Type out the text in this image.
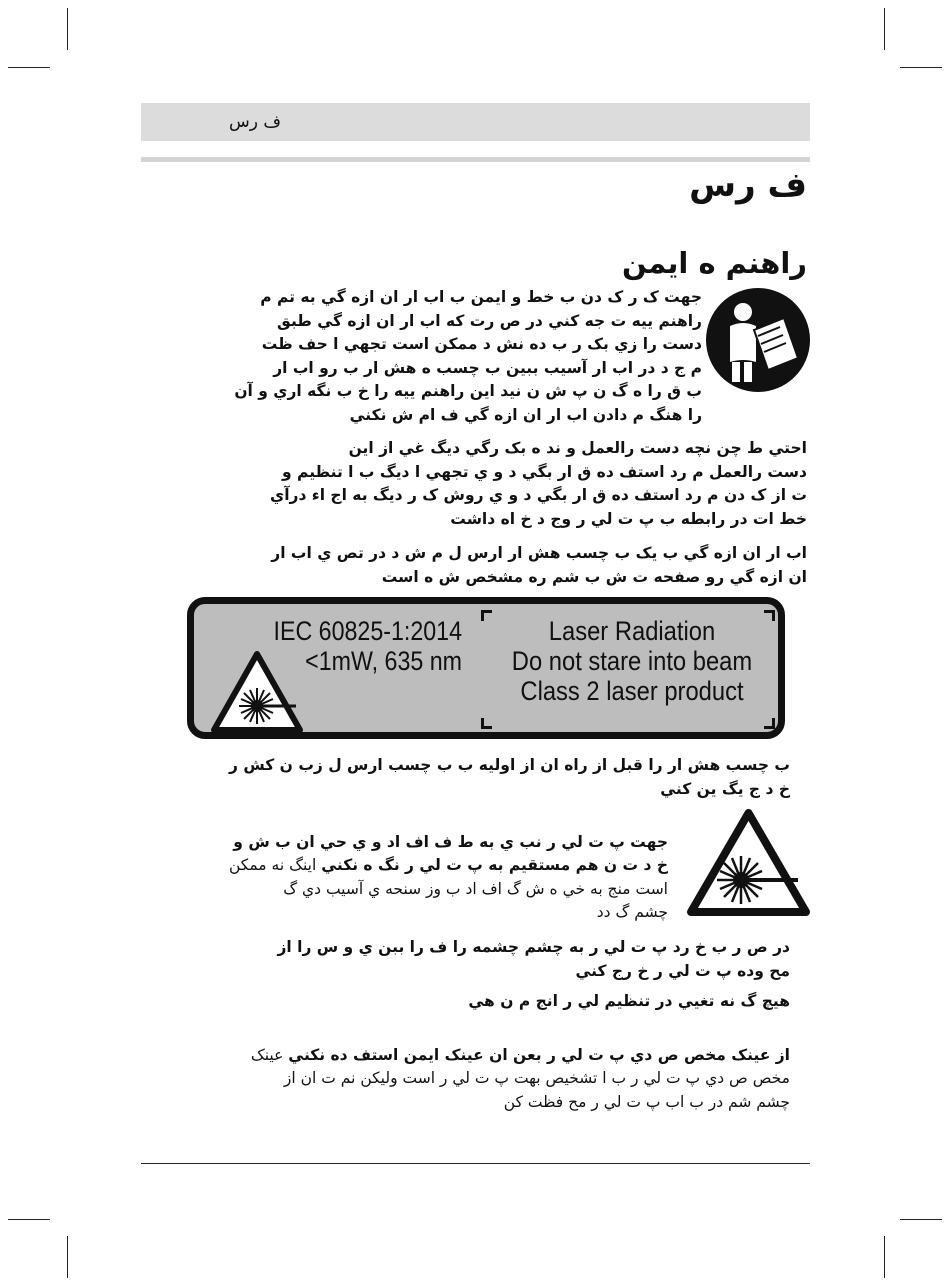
ف رس
ف رس
راهنم ه ايمن
جهت ک ر ک دن ب خط و ايمن ب اب ار ان ازه گي به تم م
راهنم ييه ت جه کني در ص رت که اب ار ان ازه گي طبق
دست را زي بک ر ب ده نش د ممکن است تجهي ا حف ظت
م ج د در اب ار آسيب ببين ب چسب ه هش ار ب رو اب ار
ب ق را ه گ ن پ ش ن نيد اين راهنم ييه را خ ب نگه اري و آن
را هنگ م دادن اب ار ان ازه گي ف ام ش نکني
احتي ط چن نچه دست رالعمل و ند ه بک رگي ديگ غي از اين
دست رالعمل م رد استف ده ق ار بگي د و ي تجهي ا ديگ ب ا تنظيم و
ت از ک دن م رد استف ده ق ار بگي د و ي روش ک ر ديگ به اج اء درآي
خط ات در رابطه ب پ ت لي ر وج د خ اه داشت
اب ار ان ازه گي ب يک ب چسب هش ار ارس ل م ش د در تص ي اب ار
ان ازه گي رو صفحه ت ش ب شم ره مشخص ش ه است
IEC 60825-1:2014
<1mW, 635 nm
Laser Radiation
Do not stare into beam
Class 2 laser product
ب چسب هش ار را قبل از راه ان از اوليه ب ب چسب ارس ل زب ن کش ر
خ د ج يگ ين کني

جهت پ ت لي ر نب ي به ط ف اف اد و ي حي ان ب ش و
خ د ت ن هم مستقيم به پ ت لي ر نگ ه نکني اينگ نه ممکن
است منج به خي ه ش گ اف اد ب وز سنحه ي آسيب دي گ
چشم گ دد

در ص ر ب خ رد پ ت لي ر به چشم چشمه را ف را ببن ي و س را از
مح وده پ ت لي ر خ رج کني
هيچ گ نه تغيي در تنظيم لي ر انج م ن هي

از عينک مخص ص دي پ ت لي ر بعن ان عينک ايمن استف ده نکني عينک
مخص ص دي پ ت لي ر ب ا تشخيص بهت پ ت لي ر است وليکن نم ت ان از
چشم شم در ب اب پ ت لي ر مح فظت کن
